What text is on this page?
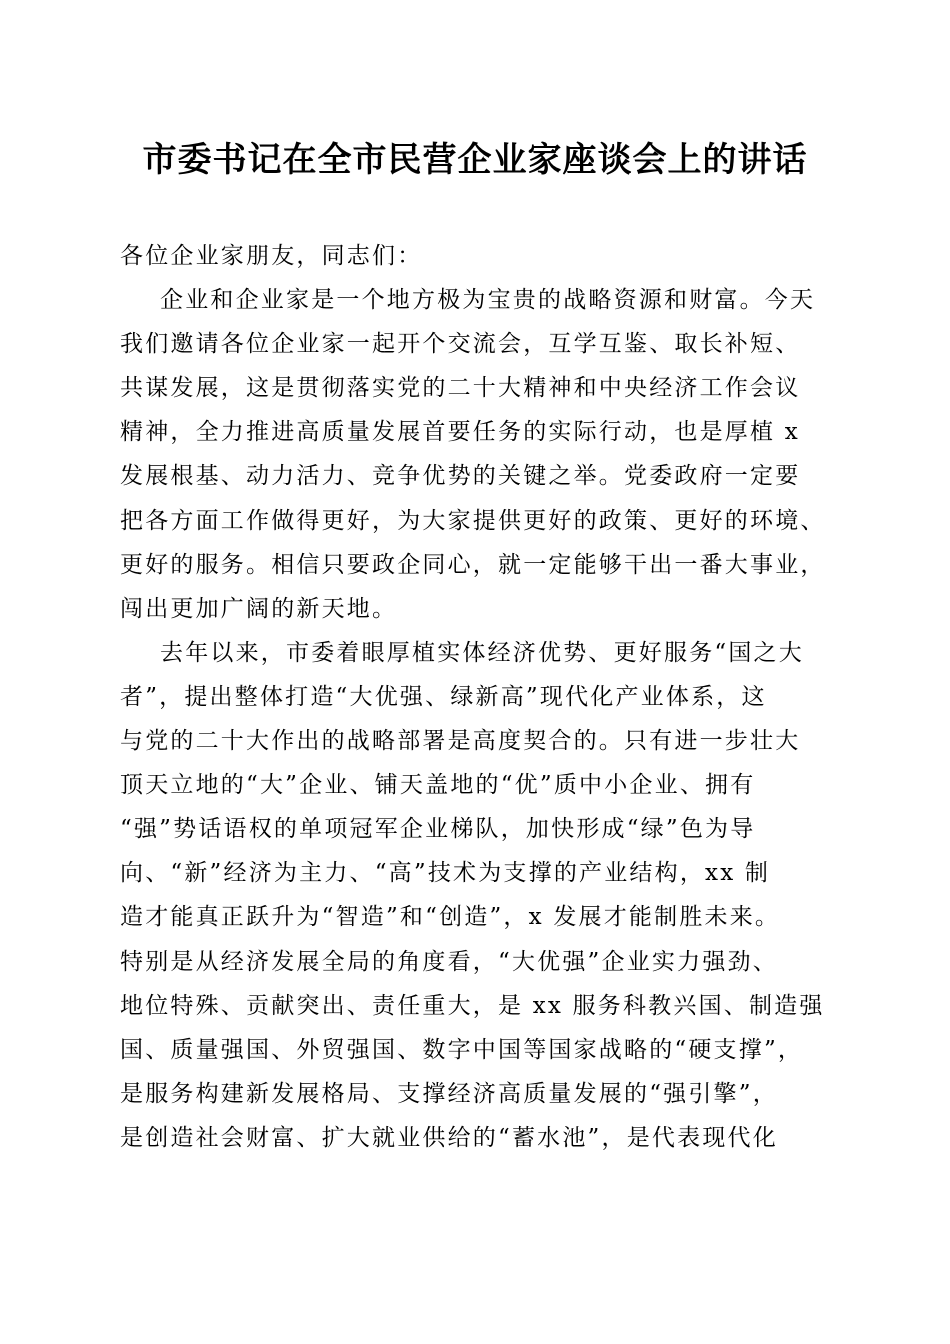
市委书记在全市民营企业家座谈会上的讲话
各位企业家朋友，同志们：
企业和企业家是一个地方极为宝贵的战略资源和财富。今天
我们邀请各位企业家一起开个交流会，互学互鉴、取长补短、
共谋发展，这是贯彻落实党的二十大精神和中央经济工作会议
精神，全力推进高质量发展首要任务的实际行动，也是厚植 x
发展根基、动力活力、竞争优势的关键之举。党委政府一定要
把各方面工作做得更好，为大家提供更好的政策、更好的环境、
更好的服务。相信只要政企同心，就一定能够干出一番大事业，
闯出更加广阔的新天地。
去年以来，市委着眼厚植实体经济优势、更好服务“国之大
者”，提出整体打造“大优强、绿新高”现代化产业体系，这
与党的二十大作出的战略部署是高度契合的。只有进一步壮大
顶天立地的“大”企业、铺天盖地的“优”质中小企业、拥有
“强”势话语权的单项冠军企业梯队，加快形成“绿”色为导
向、“新”经济为主力、“高”技术为支撑的产业结构，xx 制
造才能真正跃升为“智造”和“创造”，x 发展才能制胜未来。
特别是从经济发展全局的角度看，“大优强”企业实力强劲、
地位特殊、贡献突出、责任重大，是 xx 服务科教兴国、制造强
国、质量强国、外贸强国、数字中国等国家战略的“硬支撑”，
是服务构建新发展格局、支撑经济高质量发展的“强引擎”，
是创造社会财富、扩大就业供给的“蓄水池”，是代表现代化
